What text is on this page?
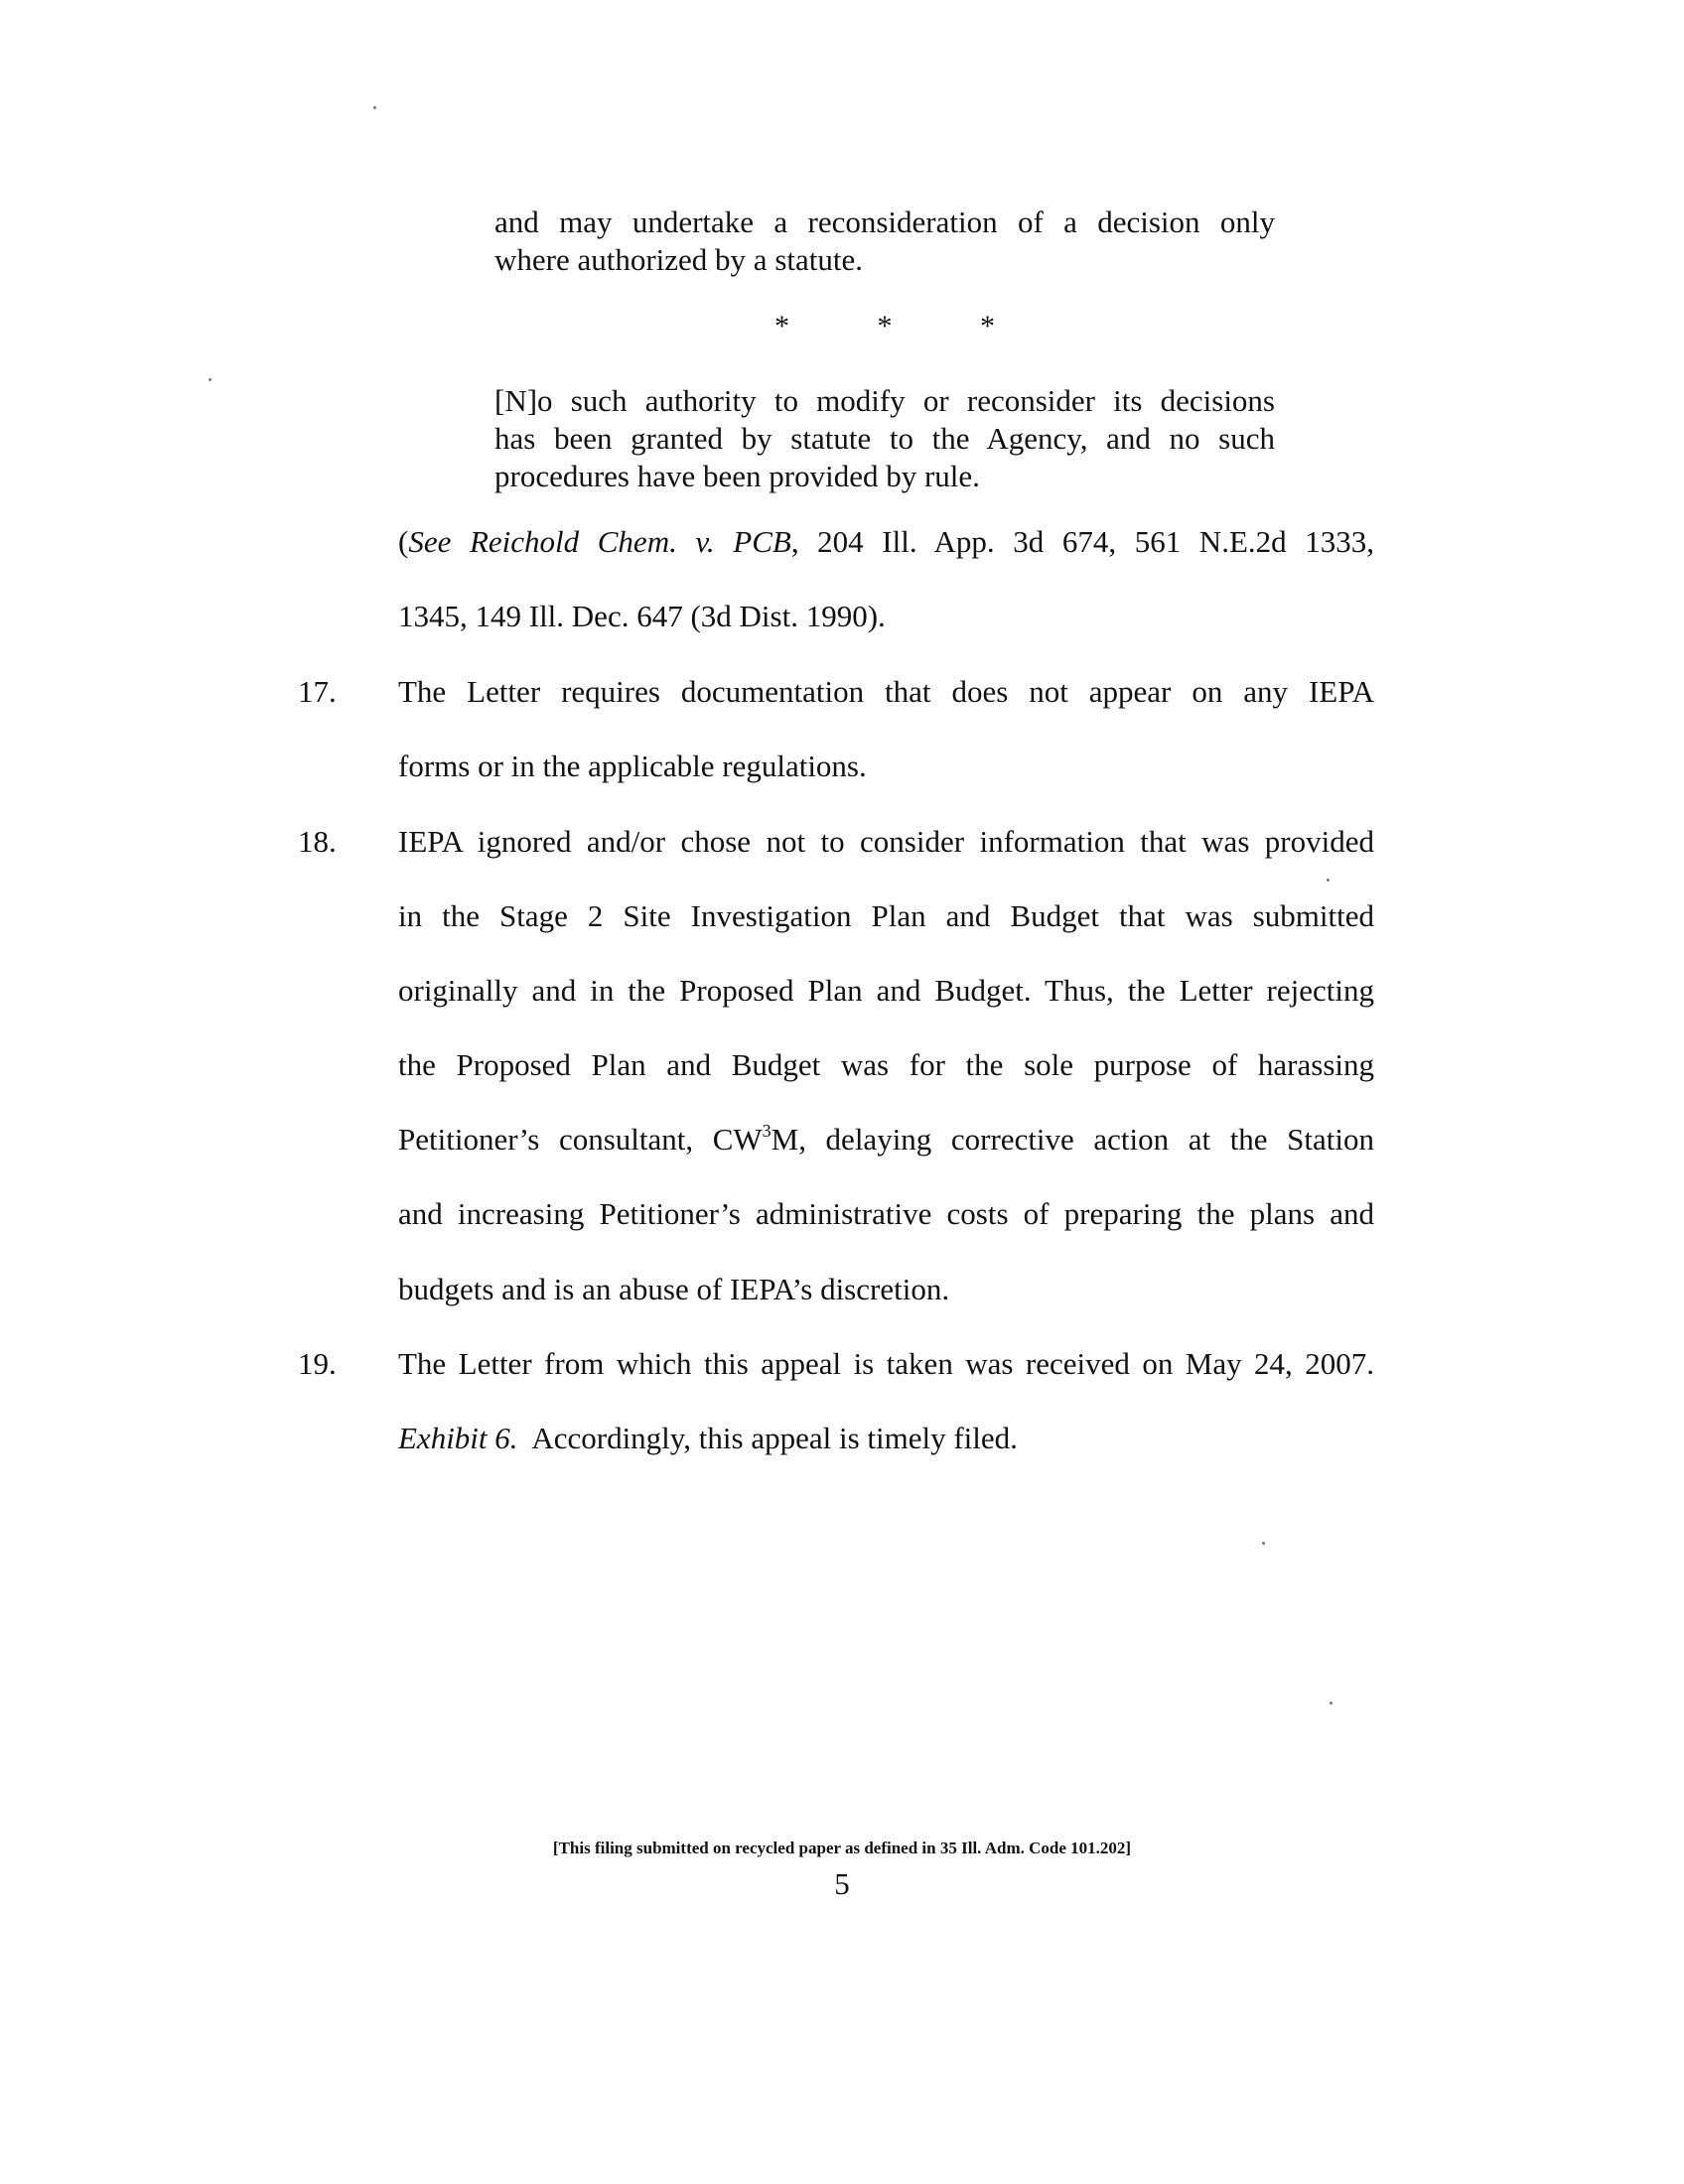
and may undertake a reconsideration of a decision only
where authorized by a statute.
*	*	*
[N]o such authority to modify or reconsider its decisions
has been granted by statute to the Agency, and no such
procedures have been provided by rule.
(See Reichold Chem. v. PCB, 204 Ill. App. 3d 674, 561 N.E.2d 1333,
1345, 149 Ill. Dec. 647 (3d Dist. 1990).
17. The Letter requires documentation that does not appear on any IEPA
forms or in the applicable regulations.
18. IEPA ignored and/or chose not to consider information that was provided
in the Stage 2 Site Investigation Plan and Budget that was submitted
originally and in the Proposed Plan and Budget. Thus, the Letter rejecting
the Proposed Plan and Budget was for the sole purpose of harassing
Petitioner’s consultant, $CW^3M$, delaying corrective action at the Station
and increasing Petitioner’s administrative costs of preparing the plans and
budgets and is an abuse of IEPA’s discretion.
19. The Letter from which this appeal is taken was received on May 24, 2007.
Exhibit 6.  Accordingly, this appeal is timely filed.
[This filing submitted on recycled paper as defined in 35 Ill. Adm. Code 101.202]
5
